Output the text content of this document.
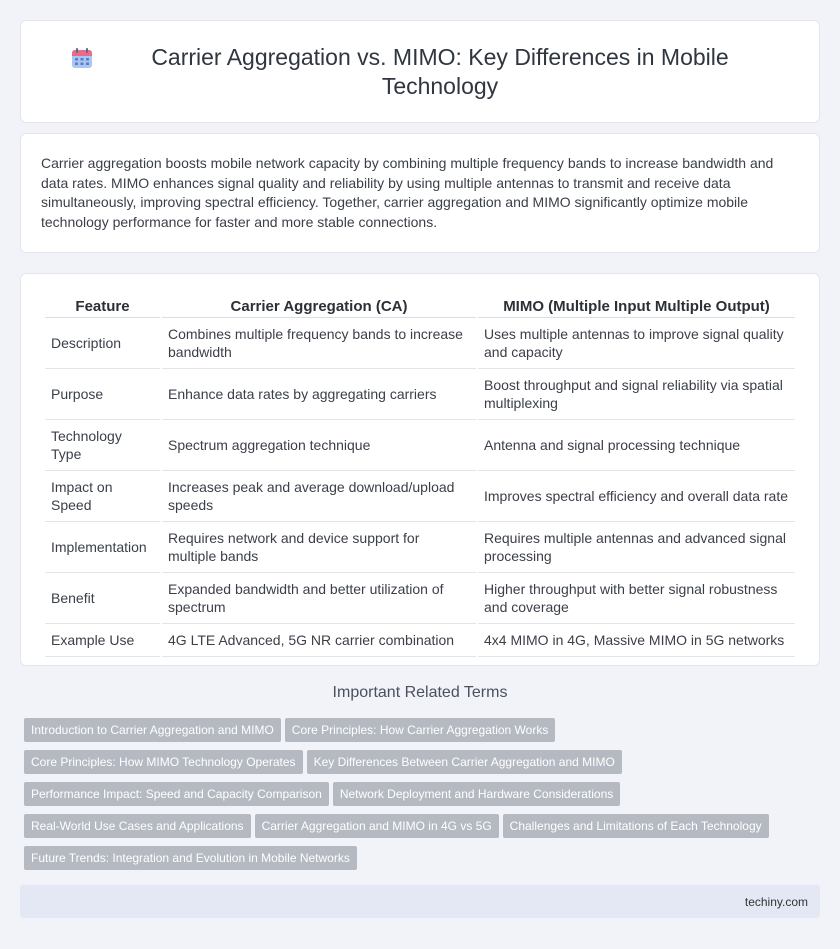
Carrier Aggregation vs. MIMO: Key Differences in Mobile Technology

Carrier aggregation boosts mobile network capacity by combining multiple frequency bands to increase bandwidth and data rates. MIMO enhances signal quality and reliability by using multiple antennas to transmit and receive data simultaneously, improving spectral efficiency. Together, carrier aggregation and MIMO significantly optimize mobile technology performance for faster and more stable connections.

Feature	Carrier Aggregation (CA)	MIMO (Multiple Input Multiple Output)
Description	Combines multiple frequency bands to increase bandwidth	Uses multiple antennas to improve signal quality and capacity
Purpose	Enhance data rates by aggregating carriers	Boost throughput and signal reliability via spatial multiplexing
Technology Type	Spectrum aggregation technique	Antenna and signal processing technique
Impact on Speed	Increases peak and average download/upload speeds	Improves spectral efficiency and overall data rate
Implementation	Requires network and device support for multiple bands	Requires multiple antennas and advanced signal processing
Benefit	Expanded bandwidth and better utilization of spectrum	Higher throughput with better signal robustness and coverage
Example Use	4G LTE Advanced, 5G NR carrier combination	4x4 MIMO in 4G, Massive MIMO in 5G networks
Important Related Terms
Introduction to Carrier Aggregation and MIMO Core Principles: How Carrier Aggregation Works
Core Principles: How MIMO Technology Operates Key Differences Between Carrier Aggregation and MIMO
Performance Impact: Speed and Capacity Comparison Network Deployment and Hardware Considerations
Real-World Use Cases and Applications Carrier Aggregation and MIMO in 4G vs 5G Challenges and Limitations of Each Technology
Future Trends: Integration and Evolution in Mobile Networks
techiny.com
